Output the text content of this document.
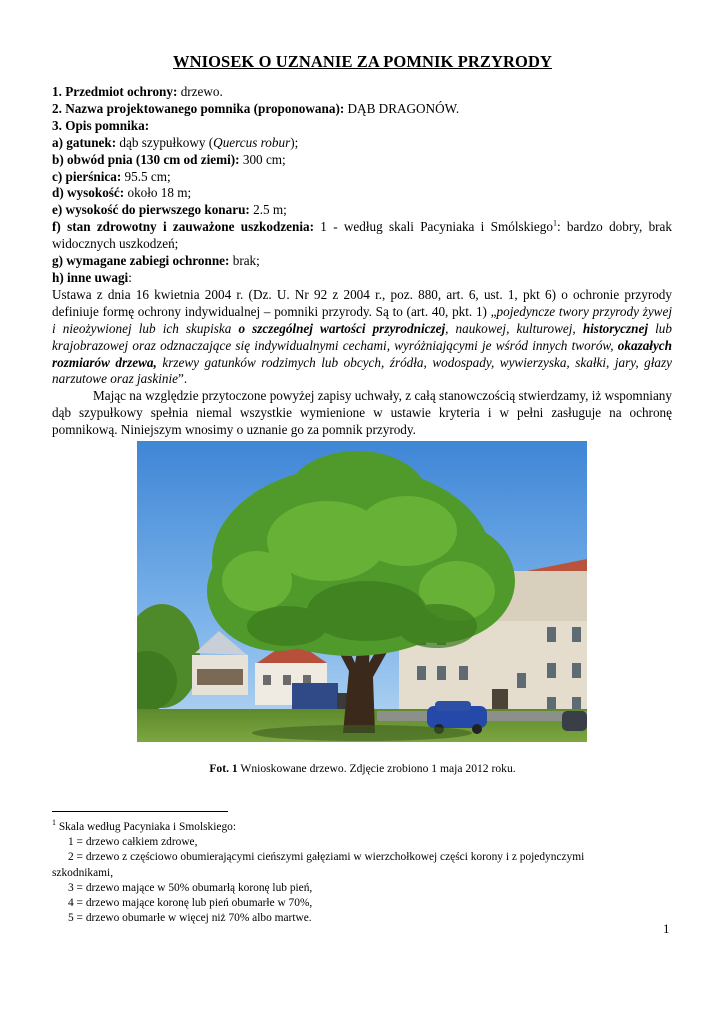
WNIOSEK O UZNANIE ZA POMNIK PRZYRODY

1. Przedmiot ochrony: drzewo.

2. Nazwa projektowanego pomnika (proponowana): DĄB DRAGONÓW.

3. Opis pomnika:

a) gatunek: dąb szypułkowy (Quercus robur);

b) obwód pnia (130 cm od ziemi): 300 cm;

c) pierśnica: 95.5 cm;

d) wysokość: około 18 m;

e) wysokość do pierwszego konaru: 2.5 m;

f) stan zdrowotny i zauważone uszkodzenia: 1 - według skali Pacyniaka i Smólskiego$^1$: bardzo dobry, brak widocznych uszkodzeń;

g) wymagane zabiegi ochronne: brak;

h) inne uwagi:

Ustawa z dnia 16 kwietnia 2004 r. (Dz. U. Nr 92 z 2004 r., poz. 880, art. 6, ust. 1, pkt 6) o ochronie przyrody definiuje formę ochrony indywidualnej – pomniki przyrody. Są to (art. 40, pkt. 1) „pojedyncze twory przyrody żywej i nieożywionej lub ich skupiska o szczególnej wartości przyrodniczej, naukowej, kulturowej, historycznej lub krajobrazowej oraz odznaczające się indywidualnymi cechami, wyróżniającymi je wśród innych tworów, okazałych rozmiarów drzewa, krzewy gatunków rodzimych lub obcych, źródła, wodospady, wywierzyska, skałki, jary, głazy narzutowe oraz jaskinie”.

Mając na względzie przytoczone powyżej zapisy uchwały, z całą stanowczością stwierdzamy, iż wspomniany dąb szypułkowy spełnia niemal wszystkie wymienione w ustawie kryteria i w pełni zasługuje na ochronę pomnikową. Niniejszym wnosimy o uznanie go za pomnik przyrody.

Fot. 1 Wnioskowane drzewo. Zdjęcie zrobiono 1 maja 2012 roku.

$^1$ Skala według Pacyniaka i Smolskiego:

1 = drzewo całkiem zdrowe,

2 = drzewo z częściowo obumierającymi cieńszymi gałęziami w wierzchołkowej części korony i z pojedynczymi

szkodnikami,

3 = drzewo mające w 50% obumarłą koronę lub pień,

4 = drzewo mające koronę lub pień obumarłe w 70%,

5 = drzewo obumarłe w więcej niż 70% albo martwe.

1
